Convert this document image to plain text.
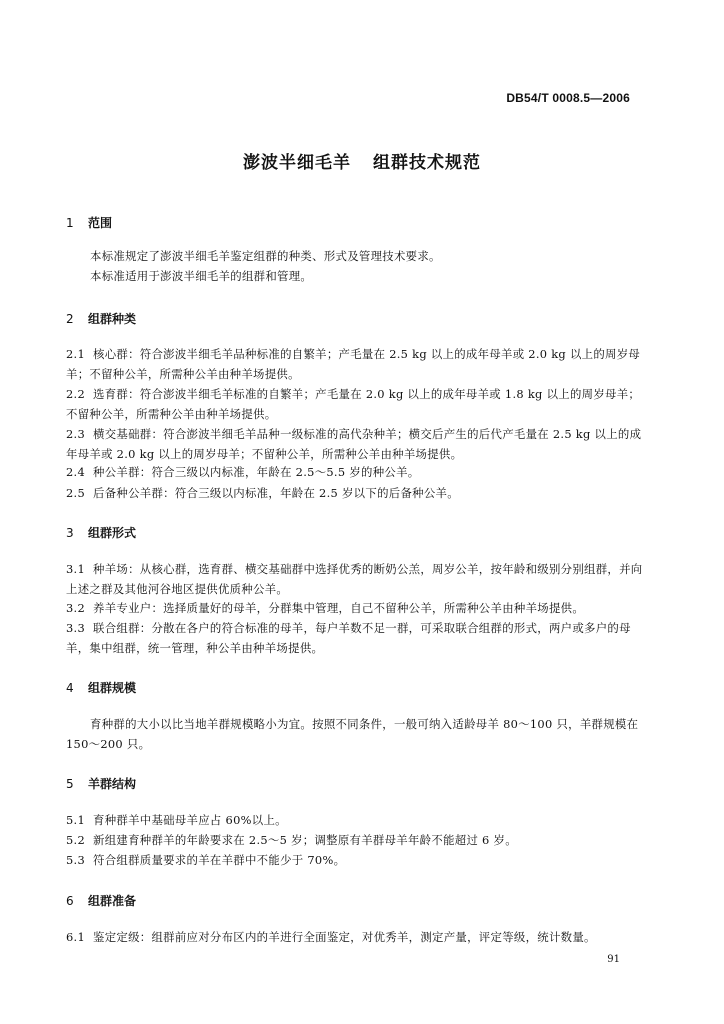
DB54/T 0008.5—2006
澎波半细毛羊 组群技术规范
1 范围
本标准规定了澎波半细毛羊鉴定组群的种类、形式及管理技术要求。
本标准适用于澎波半细毛羊的组群和管理。
2 组群种类
2.1 核心群：符合澎波半细毛羊品种标准的自繁羊；产毛量在 2.5 kg 以上的成年母羊或 2.0 kg 以上的周岁母羊；不留种公羊，所需种公羊由种羊场提供。
2.2 选育群：符合澎波半细毛羊标准的自繁羊；产毛量在 2.0 kg 以上的成年母羊或 1.8 kg 以上的周岁母羊；不留种公羊，所需种公羊由种羊场提供。
2.3 横交基础群：符合澎波半细毛羊品种一级标准的高代杂种羊；横交后产生的后代产毛量在 2.5 kg 以上的成年母羊或 2.0 kg 以上的周岁母羊；不留种公羊，所需种公羊由种羊场提供。
2.4 种公羊群：符合三级以内标准，年龄在 2.5～5.5 岁的种公羊。
2.5 后备种公羊群：符合三级以内标准，年龄在 2.5 岁以下的后备种公羊。
3 组群形式
3.1 种羊场：从核心群，选育群、横交基础群中选择优秀的断奶公羔，周岁公羊，按年龄和级别分别组群，并向上述之群及其他河谷地区提供优质种公羊。
3.2 养羊专业户：选择质量好的母羊，分群集中管理，自己不留种公羊，所需种公羊由种羊场提供。
3.3 联合组群：分散在各户的符合标准的母羊，每户羊数不足一群，可采取联合组群的形式，两户或多户的母羊，集中组群，统一管理，种公羊由种羊场提供。
4 组群规模
育种群的大小以比当地羊群规模略小为宜。按照不同条件，一般可纳入适龄母羊 80～100 只，羊群规模在 150～200 只。
5 羊群结构
5.1 育种群羊中基础母羊应占 60%以上。
5.2 新组建育种群羊的年龄要求在 2.5～5 岁；调整原有羊群母羊年龄不能超过 6 岁。
5.3 符合组群质量要求的羊在羊群中不能少于 70%。
6 组群准备
6.1 鉴定定级：组群前应对分布区内的羊进行全面鉴定，对优秀羊，测定产量，评定等级，统计数量。
91
